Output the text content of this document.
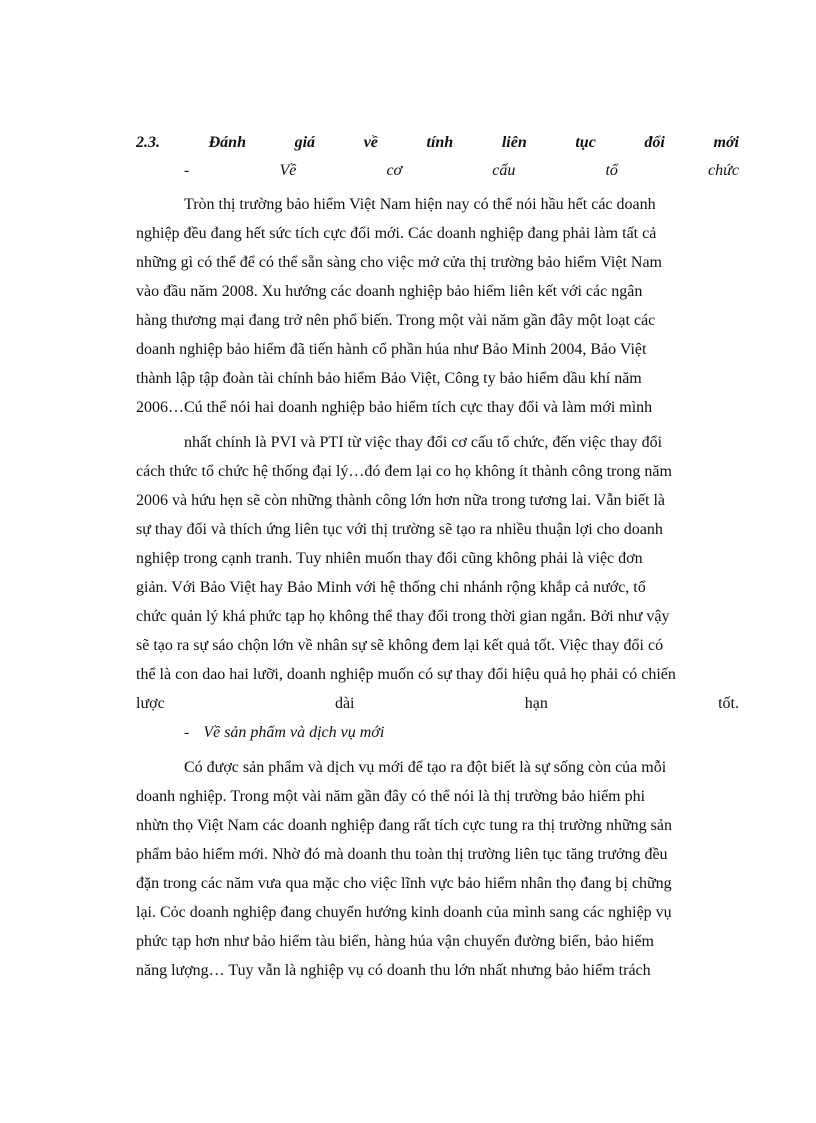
2.3.	Đánh	giá	về	tính	liên	tục	đổi	mới
-	Về	cơ	cấu	tổ	chức
Tròn thị trường bảo hiểm Việt Nam hiện nay có thể nói hầu hết các doanh
nghiệp đều đang hết sức tích cực đổi mới. Các doanh nghiệp đang phải làm tất cả
những gì có thể để có thể sẵn sàng cho việc mở cửa thị trường bảo hiểm Việt Nam
vào đầu năm 2008. Xu hướng các doanh nghiệp bảo hiểm liên kết với các ngân
hàng thương mại đang trở nên phổ biến. Trong một vài năm gần đây một loạt các
doanh nghiệp bảo hiểm đã tiến hành cổ phần húa như Bảo Minh 2004, Bảo Việt
thành lập tập đoàn tài chính bảo hiểm Bảo Việt, Công ty bảo hiểm dầu khí năm
2006…Cú thể nói hai doanh nghiệp bảo hiểm tích cực thay đổi và làm mới mình
nhất chính là PVI và PTI từ việc thay đổi cơ cấu tổ chức, đến việc thay đổi
cách thức tổ chức hệ thống đại lý…đó đem lại co họ không ít thành công trong năm
2006 và hứu hẹn sẽ còn những thành công lớn hơn nữa trong tương lai. Vẫn biết là
sự thay đổi và thích ứng liên tục với thị trường sẽ tạo ra nhiều thuận lợi cho doanh
nghiệp trong cạnh tranh. Tuy nhiên muốn thay đổi cũng không phải là việc đơn
giản. Với Bảo Việt hay Bảo Minh với hệ thống chi nhánh rộng khắp cả nước, tổ
chức quản lý khá phức tạp họ không thể thay đổi trong thời gian ngắn. Bởi như vậy
sẽ tạo ra sự sáo chộn lớn về nhân sự sẽ không đem lại kết quả tốt. Việc thay đổi có
thể là con dao hai lưỡi, doanh nghiệp muốn có sự thay đổi hiệu quả họ phải có chiến
lược	dài	hạn	tốt.
- Về sản phẩm và dịch vụ mới
Có được sản phẩm và dịch vụ mới để tạo ra đột biết là sự sống còn của mỗi
doanh nghiệp. Trong một vài năm gần đây có thể nói là thị trường bảo hiểm phi
nhừn thọ Việt Nam các doanh nghiệp đang rất tích cực tung ra thị trường những sản
phẩm bảo hiểm mới. Nhờ đó mà doanh thu toàn thị trường liên tục tăng trưởng đều
đặn trong các năm vưa qua mặc cho việc lĩnh vực bảo hiểm nhân thọ đang bị chững
lại. Cỏc doanh nghiệp đang chuyển hướng kinh doanh của mình sang các nghiệp vụ
phức tạp hơn như bảo hiểm tàu biển, hàng húa vận chuyển đường biển, bảo hiểm
năng lượng… Tuy vẫn là nghiệp vụ có doanh thu lớn nhất nhưng bảo hiểm trách
